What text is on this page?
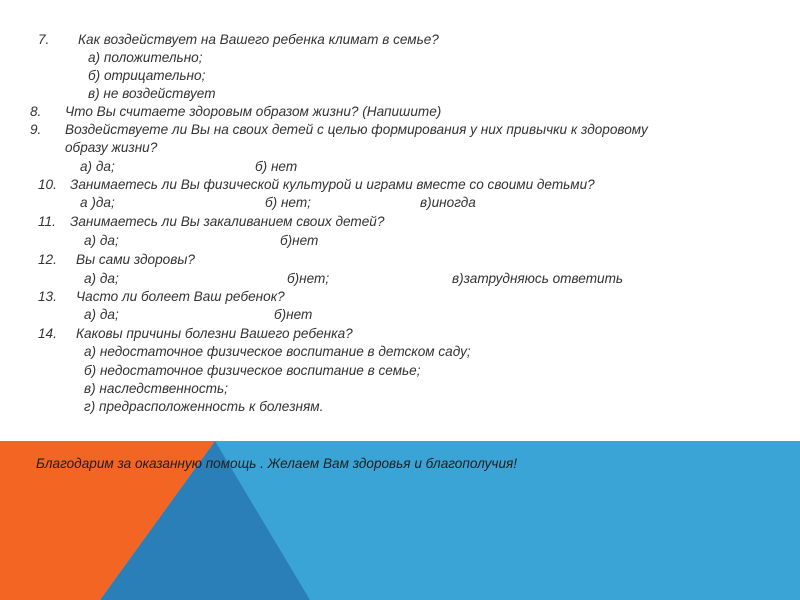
7. Как воздействует на Вашего ребенка климат в семье?
а) положительно;
б) отрицательно;
в) не воздействует
8. Что Вы считаете здоровым образом жизни? (Напишите)
9. Воздействуете ли Вы на своих детей с целью формирования у них привычки к здоровому
образу жизни?
а) да;	б) нет
10. Занимаетесь ли Вы физической культурой и играми вместе со своими детьми?
а )да;	б) нет;	в)иногда
11. Занимаетесь ли Вы закаливанием своих детей?
а) да;	б)нет
12. Вы сами здоровы?
а) да;	б)нет;	в)затрудняюсь ответить
13. Часто ли болеет Ваш ребенок?
а) да;	б)нет
14. Каковы причины болезни Вашего ребенка?
а) недостаточное физическое воспитание в детском саду;
б) недостаточное физическое воспитание в семье;
в) наследственность;
г) предрасположенность к болезням.
Благодарим за оказанную помощь . Желаем Вам здоровья и благополучия!
